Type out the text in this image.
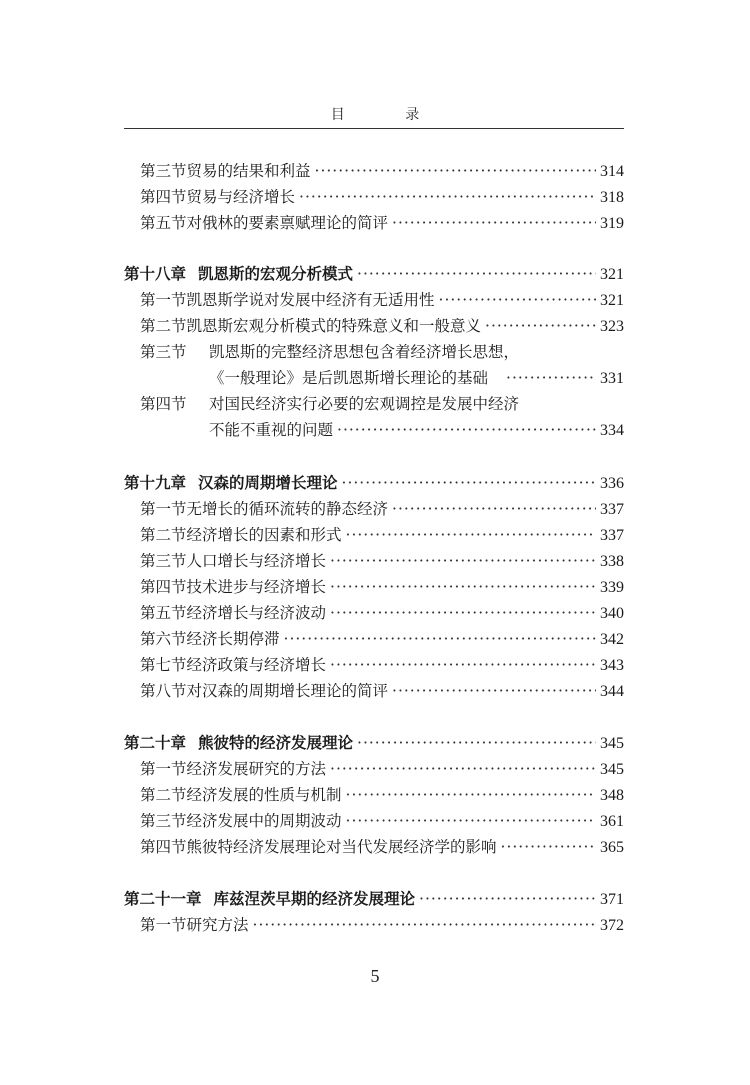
目 录
第三节 贸易的结果和利益 ·····	314
第四节 贸易与经济增长 ·····	318
第五节 对俄林的要素禀赋理论的简评 ·····	319
第十八章 凯恩斯的宏观分析模式 ·····	321
第一节 凯恩斯学说对发展中经济有无适用性 ·····	321
第二节 凯恩斯宏观分析模式的特殊意义和一般意义 ·····	323
第三节	凯恩斯的完整经济思想包含着经济增长思想，
《一般理论》是后凯恩斯增长理论的基础 ·····	331
第四节	对国民经济实行必要的宏观调控是发展中经济
不能不重视的问题 ·····	334
第十九章 汉森的周期增长理论 ·····	336
第一节 无增长的循环流转的静态经济 ·····	337
第二节 经济增长的因素和形式 ·····	337
第三节 人口增长与经济增长 ·····	338
第四节 技术进步与经济增长 ·····	339
第五节 经济增长与经济波动 ·····	340
第六节 经济长期停滞 ·····	342
第七节 经济政策与经济增长 ·····	343
第八节 对汉森的周期增长理论的简评 ·····	344
第二十章 熊彼特的经济发展理论 ·····	345
第一节 经济发展研究的方法 ·····	345
第二节 经济发展的性质与机制 ·····	348
第三节 经济发展中的周期波动 ·····	361
第四节 熊彼特经济发展理论对当代发展经济学的影响 ·····	365
第二十一章 库兹涅茨早期的经济发展理论 ·····	371
第一节 研究方法 ·····	372
5
